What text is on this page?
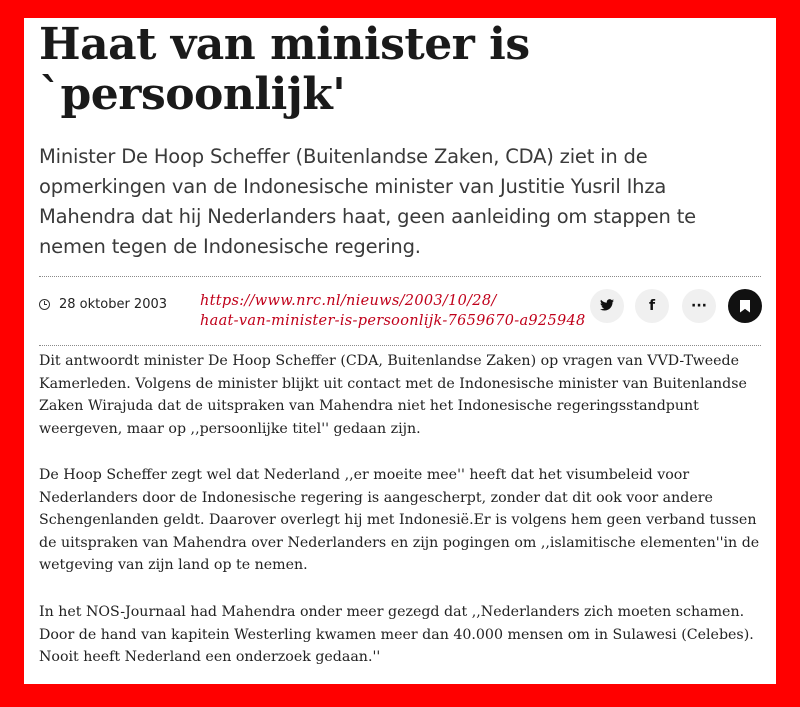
Haat van minister is
`persoonlijk'

Minister De Hoop Scheffer (Buitenlandse Zaken, CDA) ziet in de opmerkingen van de Indonesische minister van Justitie Yusril Ihza Mahendra dat hij Nederlanders haat, geen aanleiding om stappen te nemen tegen de Indonesische regering.

28 oktober 2003 https://www.nrc.nl/nieuws/2003/10/28/
haat-van-minister-is-persoonlijk-7659670-a925948
f	···

Dit antwoordt minister De Hoop Scheffer (CDA, Buitenlandse Zaken) op vragen van VVD-Tweede Kamerleden. Volgens de minister blijkt uit contact met de Indonesische minister van Buitenlandse Zaken Wirajuda dat de uitspraken van Mahendra niet het Indonesische regeringsstandpunt weergeven, maar op ,,persoonlijke titel'' gedaan zijn.

De Hoop Scheffer zegt wel dat Nederland ,,er moeite mee'' heeft dat het visumbeleid voor Nederlanders door de Indonesische regering is aangescherpt, zonder dat dit ook voor andere Schengenlanden geldt. Daarover overlegt hij met Indonesië.Er is volgens hem geen verband tussen de uitspraken van Mahendra over Nederlanders en zijn pogingen om ,,islamitische elementen''in de wetgeving van zijn land op te nemen.

In het NOS-Journaal had Mahendra onder meer gezegd dat ,,Nederlanders zich moeten schamen. Door de hand van kapitein Westerling kwamen meer dan 40.000 mensen om in Sulawesi (Celebes). Nooit heeft Nederland een onderzoek gedaan.''
